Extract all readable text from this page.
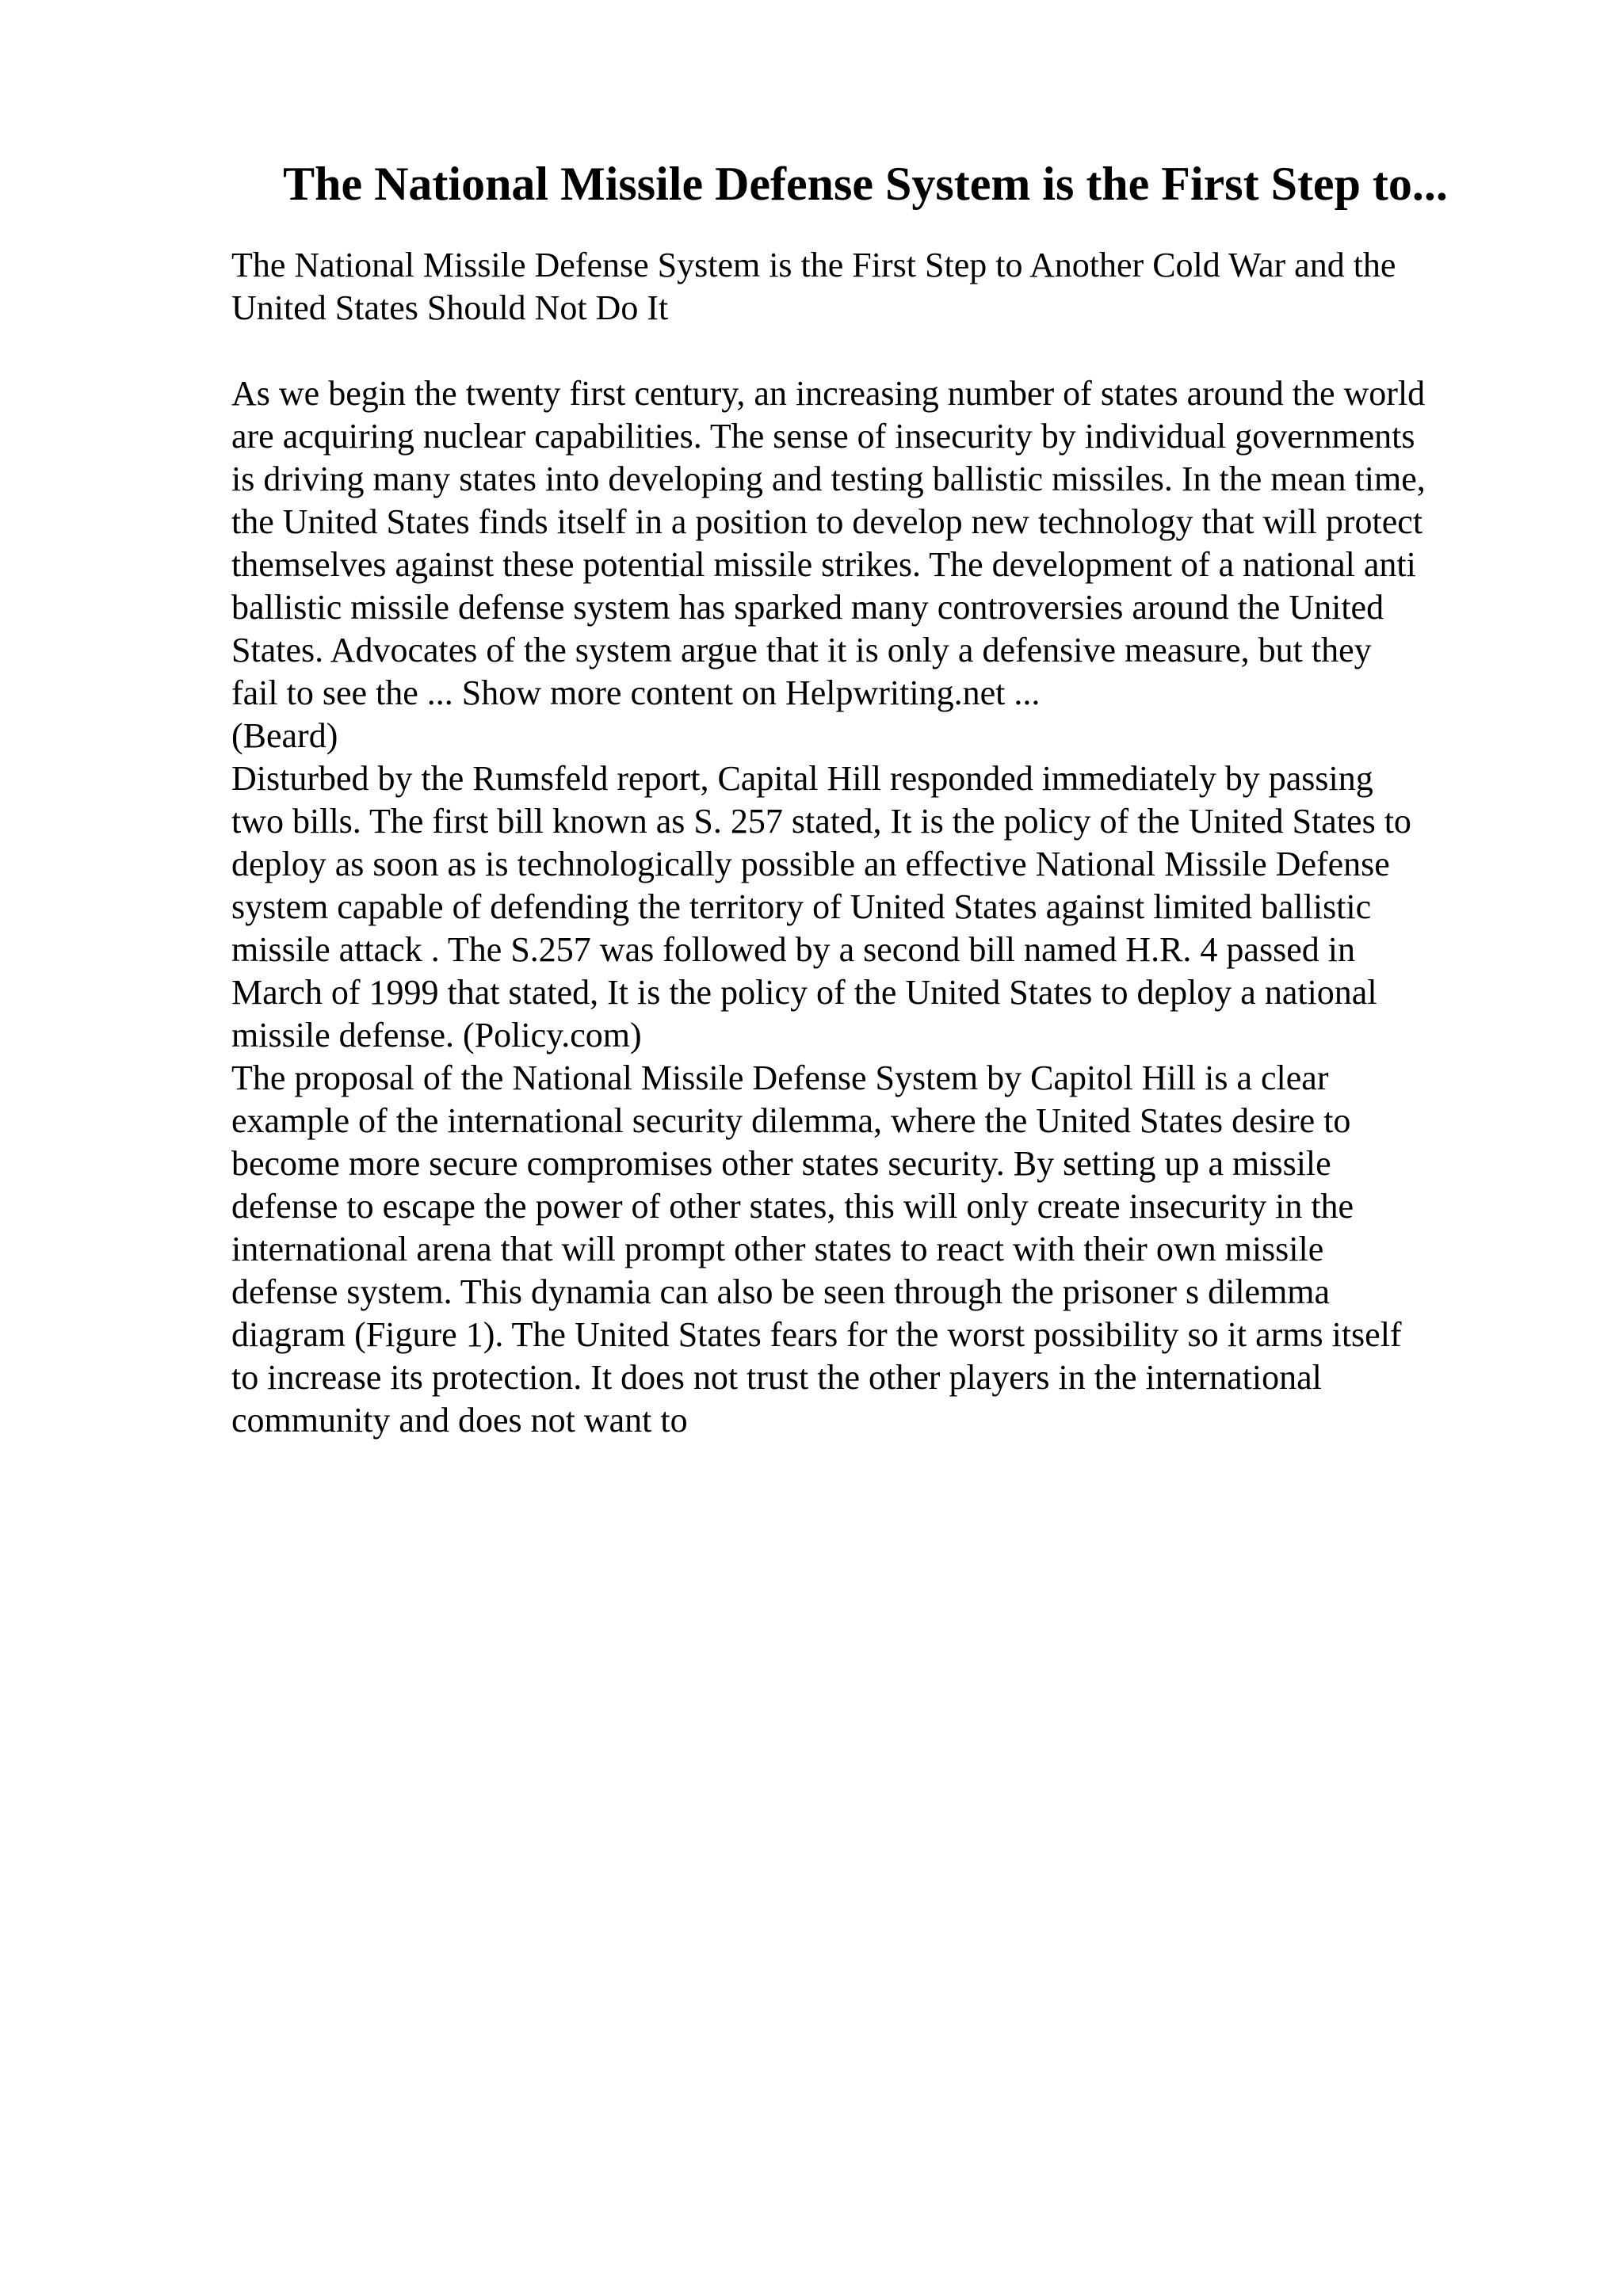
The National Missile Defense System is the First Step to...
The National Missile Defense System is the First Step to Another Cold War and the
United States Should Not Do It
As we begin the twenty first century, an increasing number of states around the world
are acquiring nuclear capabilities. The sense of insecurity by individual governments
is driving many states into developing and testing ballistic missiles. In the mean time,
the United States finds itself in a position to develop new technology that will protect
themselves against these potential missile strikes. The development of a national anti
ballistic missile defense system has sparked many controversies around the United
States. Advocates of the system argue that it is only a defensive measure, but they
fail to see the ... Show more content on Helpwriting.net ...
(Beard)
Disturbed by the Rumsfeld report, Capital Hill responded immediately by passing
two bills. The first bill known as S. 257 stated, It is the policy of the United States to
deploy as soon as is technologically possible an effective National Missile Defense
system capable of defending the territory of United States against limited ballistic
missile attack . The S.257 was followed by a second bill named H.R. 4 passed in
March of 1999 that stated, It is the policy of the United States to deploy a national
missile defense. (Policy.com)
The proposal of the National Missile Defense System by Capitol Hill is a clear
example of the international security dilemma, where the United States desire to
become more secure compromises other states security. By setting up a missile
defense to escape the power of other states, this will only create insecurity in the
international arena that will prompt other states to react with their own missile
defense system. This dynamia can also be seen through the prisoner s dilemma
diagram (Figure 1). The United States fears for the worst possibility so it arms itself
to increase its protection. It does not trust the other players in the international
community and does not want to
